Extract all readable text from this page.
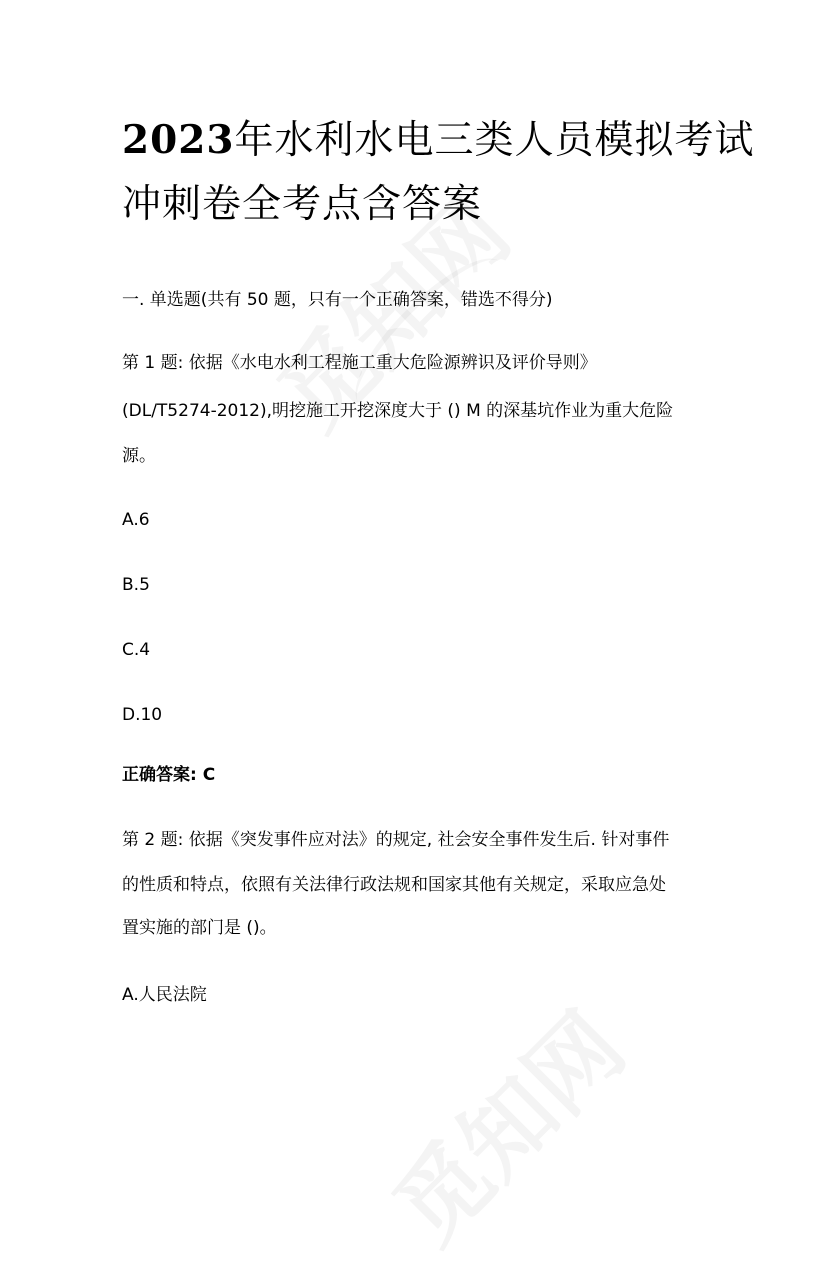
2023年水利水电三类人员模拟考试
冲刺卷全考点含答案

一. 单选题(共有 50 题，只有一个正确答案，错选不得分)

第 1 题: 依据《水电水利工程施工重大危险源辨识及评价导则》

(DL/T5274-2012),明挖施工开挖深度大于 () M 的深基坑作业为重大危险

源。

A.6

B.5

C.4

D.10

正确答案: C

第 2 题: 依据《突发事件应对法》的规定, 社会安全事件发生后. 针对事件

的性质和特点，依照有关法律行政法规和国家其他有关规定，采取应急处

置实施的部门是 ()。

A.人民法院
